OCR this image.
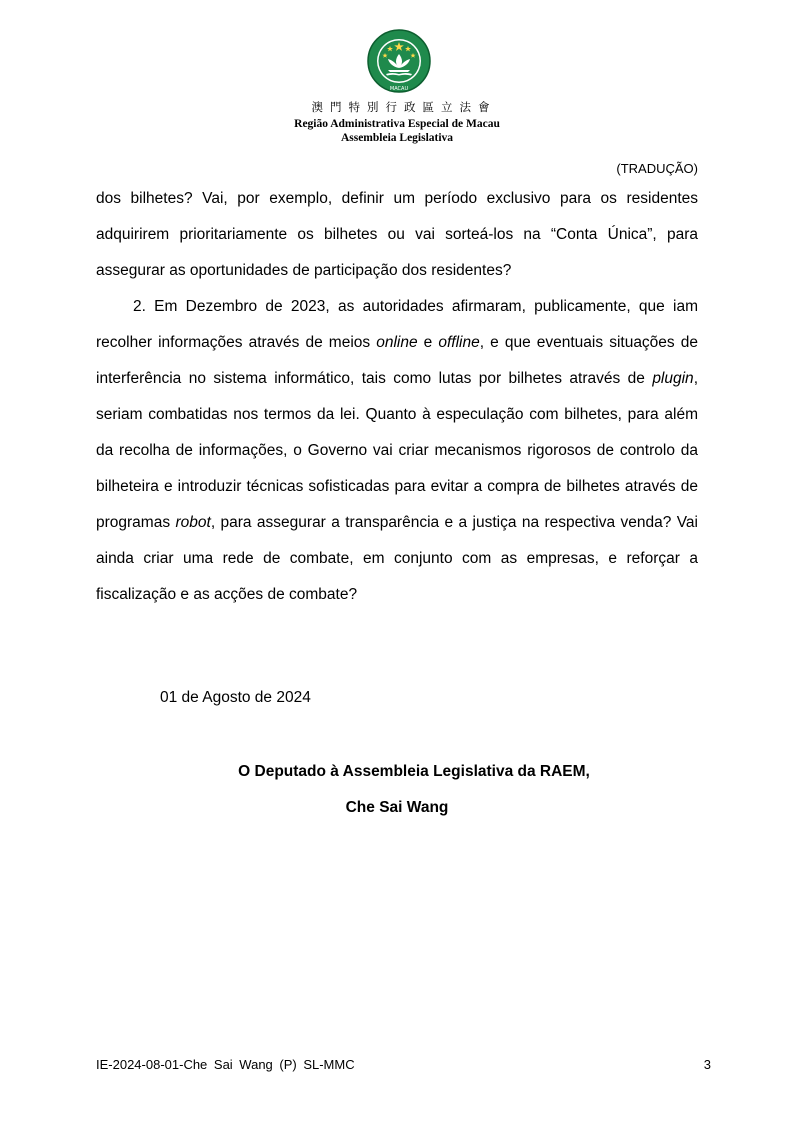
MACAU
澳門特別行政區立法會
Região Administrativa Especial de Macau
Assembleia Legislativa
(TRADUÇÃO)

dos bilhetes? Vai, por exemplo, definir um período exclusivo para os residentes adquirirem prioritariamente os bilhetes ou vai sorteá-los na “Conta Única”, para assegurar as oportunidades de participação dos residentes?

2. Em Dezembro de 2023, as autoridades afirmaram, publicamente, que iam recolher informações através de meios online e offline, e que eventuais situações de interferência no sistema informático, tais como lutas por bilhetes através de plugin, seriam combatidas nos termos da lei. Quanto à especulação com bilhetes, para além da recolha de informações, o Governo vai criar mecanismos rigorosos de controlo da bilheteira e introduzir técnicas sofisticadas para evitar a compra de bilhetes através de programas robot, para assegurar a transparência e a justiça na respectiva venda? Vai ainda criar uma rede de combate, em conjunto com as empresas, e reforçar a fiscalização e as acções de combate?

01 de Agosto de 2024
O Deputado à Assembleia Legislativa da RAEM,
Che Sai Wang
IE-2024-08-01-Che Sai Wang (P) SL-MMC	3
